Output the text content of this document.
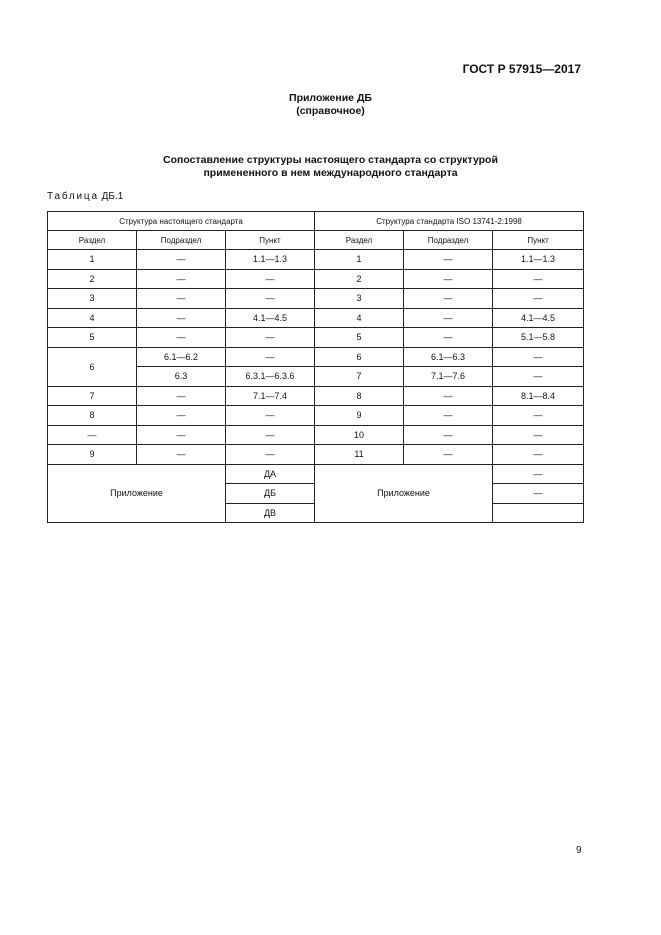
ГОСТ Р 57915—2017
Приложение ДБ
(справочное)
Сопоставление структуры настоящего стандарта со структурой
примененного в нем международного стандарта
Таблица ДБ.1
Структура настоящего стандарта			Структура стандарта ISO 13741-2:1998		
Раздел	Подраздел	Пункт	Раздел	Подраздел	Пункт
1	—	1.1—1.3	1	—	1.1—1.3
2	—	—	2	—	—
3	—	—	3	—	—
4	—	4.1—4.5	4	—	4.1—4.5
5	—	—	5	—	5.1—5.8
6	6.1—6.2	—	6	6.1—6.3	—
	6.3	6.3.1—6.3.6	7	7.1—7.6	—
7	—	7.1—7.4	8	—	8.1—8.4
8	—	—	9	—	—
—	—	—	10	—	—
9	—	—	11	—	—
Приложение		ДА	Приложение		—
		ДБ			—
		ДВ			
9
